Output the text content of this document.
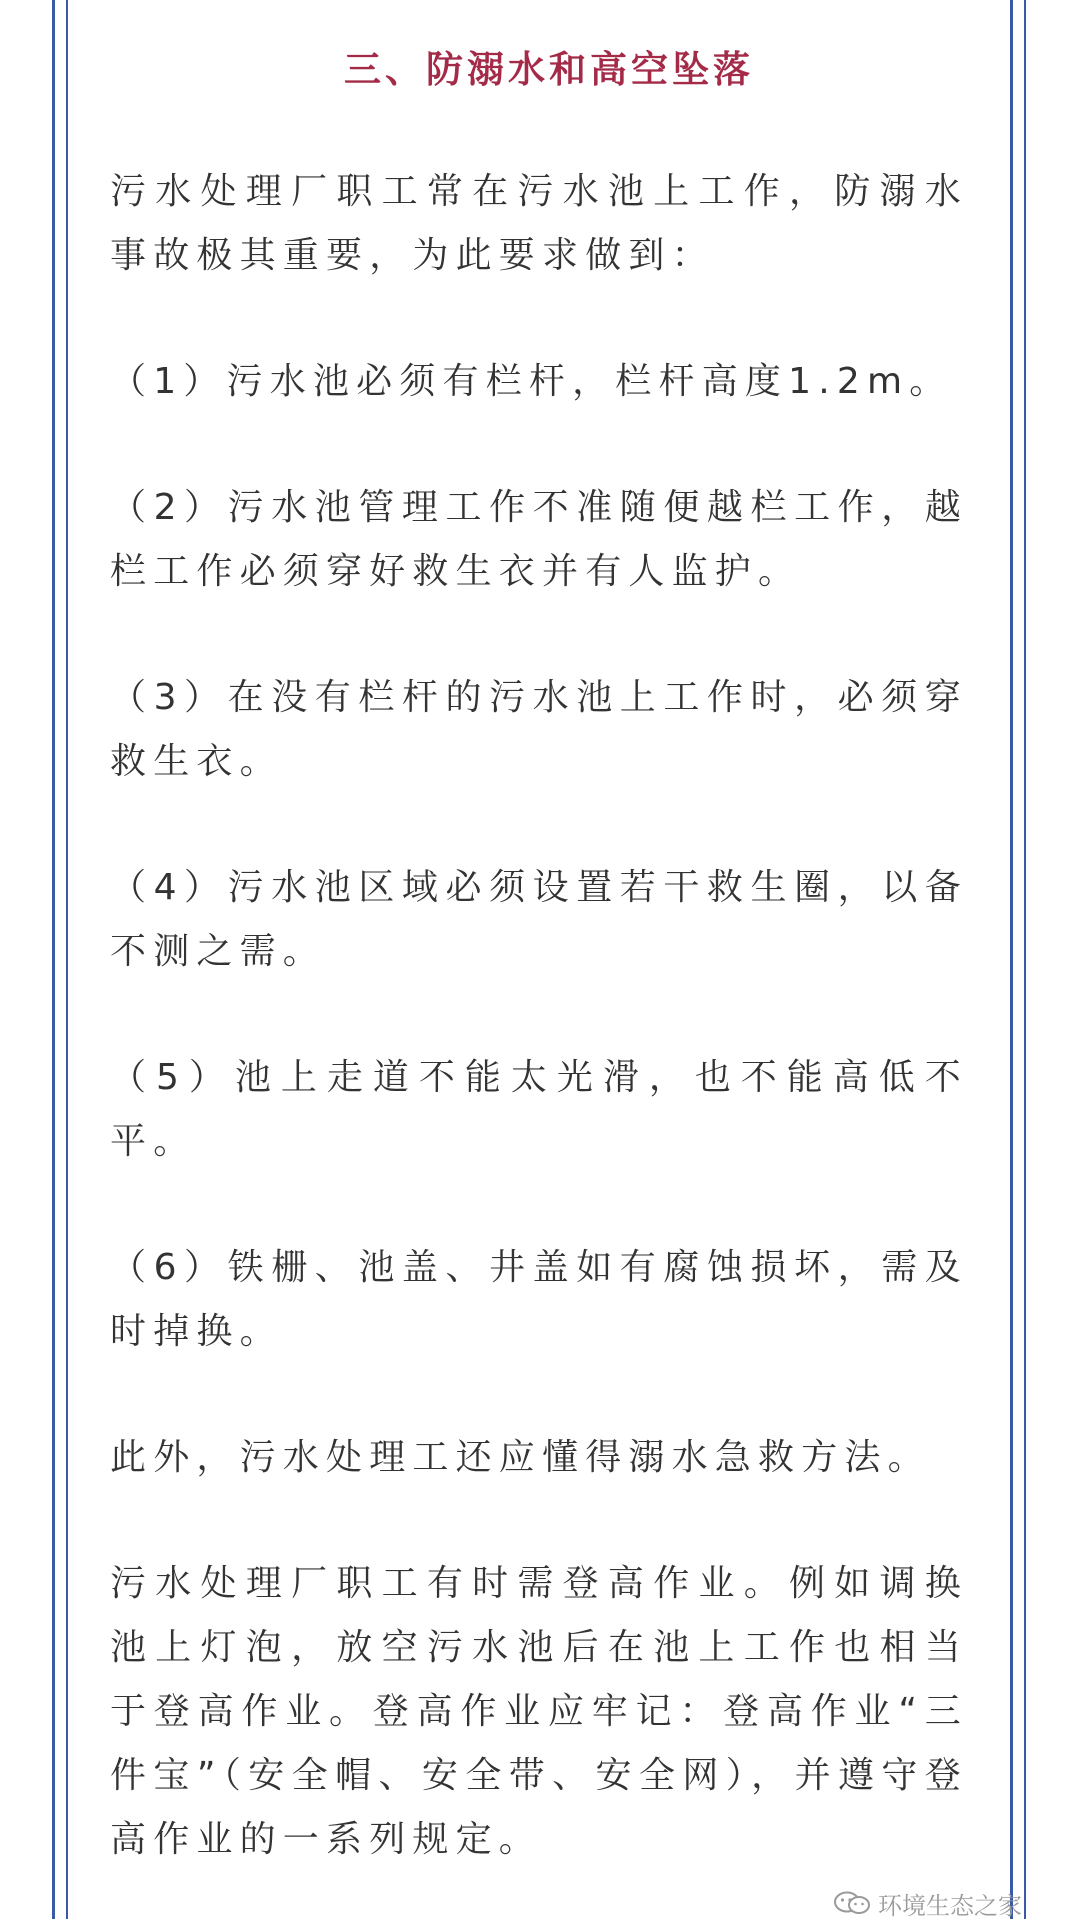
三、防溺水和高空坠落

污水处理厂职工常在污水池上工作，防溺水事故极其重要，为此要求做到：

（1）污水池必须有栏杆，栏杆高度1.2m。

（2）污水池管理工作不准随便越栏工作，越栏工作必须穿好救生衣并有人监护。

（3）在没有栏杆的污水池上工作时，必须穿救生衣。

（4）污水池区域必须设置若干救生圈，以备不测之需。

（5）池上走道不能太光滑，也不能高低不平。

（6）铁栅、池盖、井盖如有腐蚀损坏，需及时掉换。

此外，污水处理工还应懂得溺水急救方法。

污水处理厂职工有时需登高作业。例如调换池上灯泡，放空污水池后在池上工作也相当于登高作业。登高作业应牢记：登高作业“三件宝”（安全帽、安全带、安全网），并遵守登高作业的一系列规定。

环境生态之家
